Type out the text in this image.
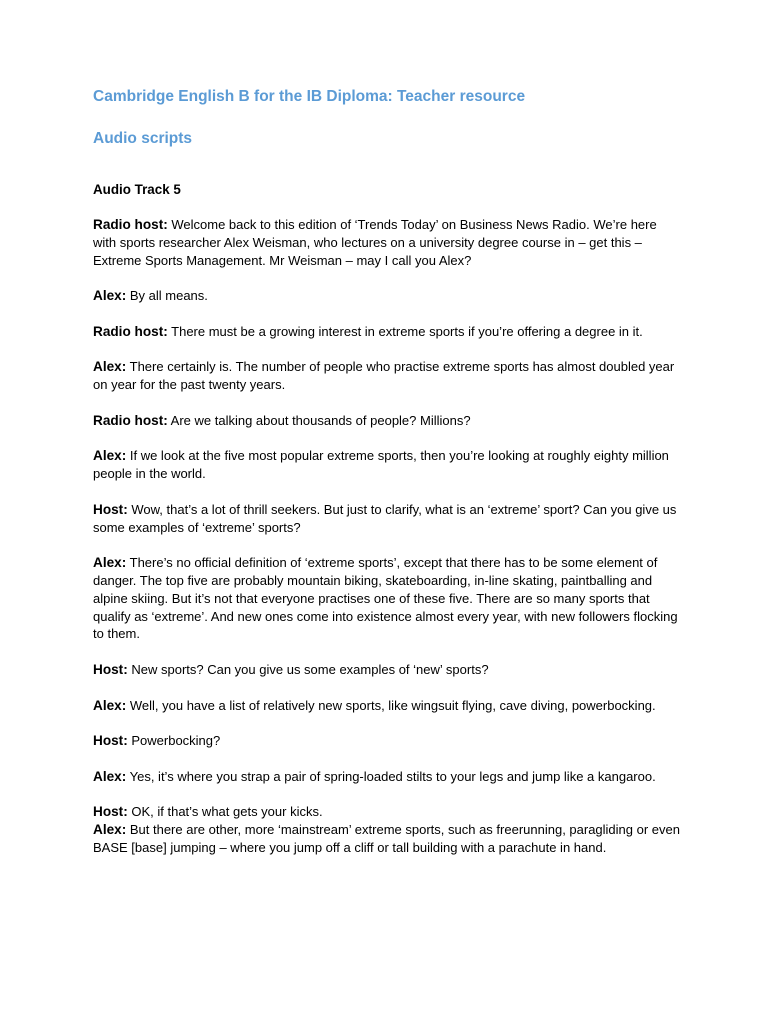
Cambridge English B for the IB Diploma: Teacher resource

Audio scripts

Audio Track 5

Radio host: Welcome back to this edition of ‘Trends Today’ on Business News Radio. We’re here with sports researcher Alex Weisman, who lectures on a university degree course in – get this – Extreme Sports Management. Mr Weisman – may I call you Alex?

Alex: By all means.

Radio host: There must be a growing interest in extreme sports if you’re offering a degree in it.

Alex: There certainly is. The number of people who practise extreme sports has almost doubled year on year for the past twenty years.

Radio host: Are we talking about thousands of people? Millions?

Alex: If we look at the five most popular extreme sports, then you’re looking at roughly eighty million people in the world.

Host: Wow, that’s a lot of thrill seekers. But just to clarify, what is an ‘extreme’ sport? Can you give us some examples of ‘extreme’ sports?

Alex: There’s no official definition of ‘extreme sports’, except that there has to be some element of danger. The top five are probably mountain biking, skateboarding, in-line skating, paintballing and alpine skiing. But it’s not that everyone practises one of these five. There are so many sports that qualify as ‘extreme’. And new ones come into existence almost every year, with new followers flocking to them.

Host: New sports? Can you give us some examples of ‘new’ sports?

Alex: Well, you have a list of relatively new sports, like wingsuit flying, cave diving, powerbocking.

Host: Powerbocking?

Alex: Yes, it’s where you strap a pair of spring-loaded stilts to your legs and jump like a kangaroo.

Host: OK, if that’s what gets your kicks.

Alex: But there are other, more ‘mainstream’ extreme sports, such as freerunning, paragliding or even BASE [base] jumping – where you jump off a cliff or tall building with a parachute in hand.
